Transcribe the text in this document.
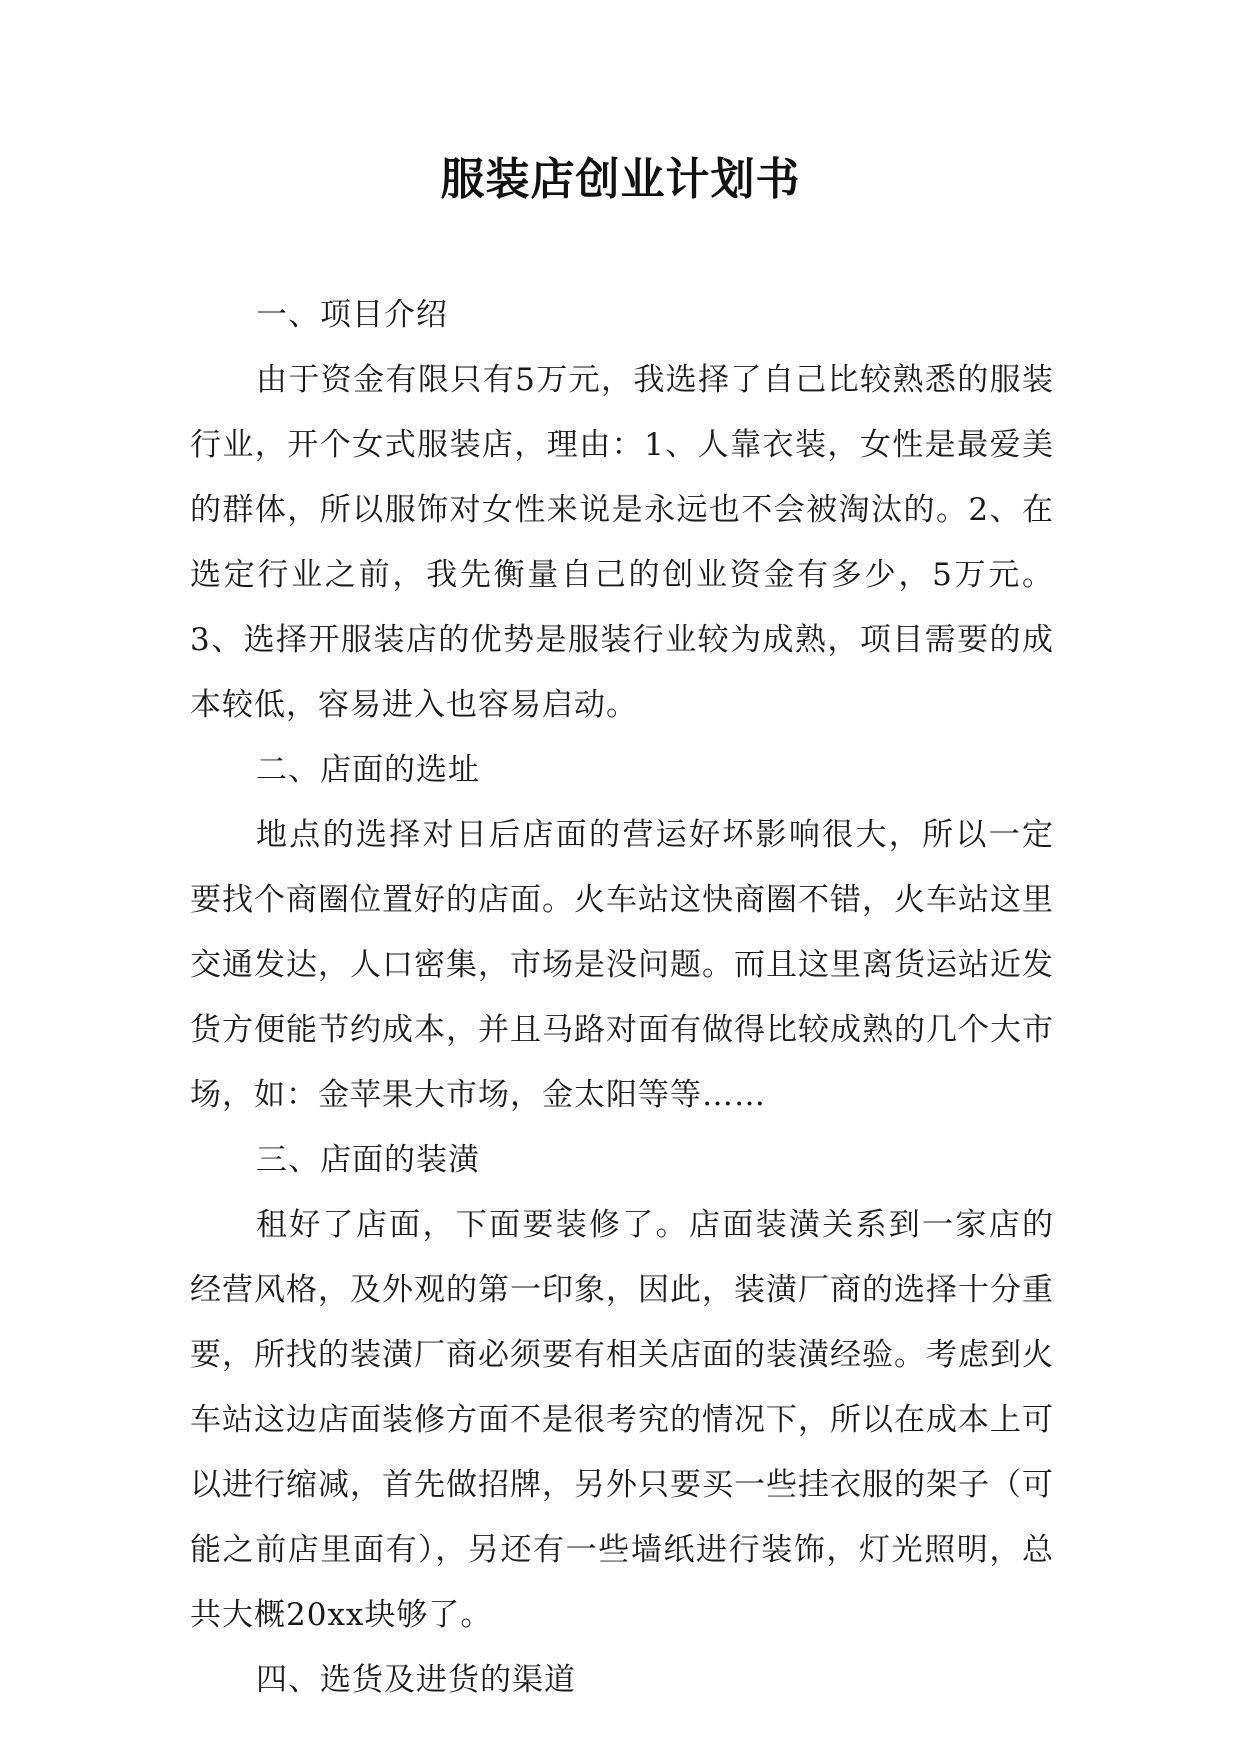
服装店创业计划书

一、项目介绍

由于资金有限只有5万元，我选择了自己比较熟悉的服装行业，开个女式服装店，理由：1、人靠衣装，女性是最爱美的群体，所以服饰对女性来说是永远也不会被淘汰的。2、在选定行业之前，我先衡量自己的创业资金有多少，5万元。3、选择开服装店的优势是服装行业较为成熟，项目需要的成本较低，容易进入也容易启动。

二、店面的选址

地点的选择对日后店面的营运好坏影响很大，所以一定要找个商圈位置好的店面。火车站这快商圈不错，火车站这里交通发达，人口密集，市场是没问题。而且这里离货运站近发货方便能节约成本，并且马路对面有做得比较成熟的几个大市场，如：金苹果大市场，金太阳等等……

三、店面的装潢

租好了店面，下面要装修了。店面装潢关系到一家店的经营风格，及外观的第一印象，因此，装潢厂商的选择十分重要，所找的装潢厂商必须要有相关店面的装潢经验。考虑到火车站这边店面装修方面不是很考究的情况下，所以在成本上可以进行缩减，首先做招牌，另外只要买一些挂衣服的架子（可能之前店里面有），另还有一些墙纸进行装饰，灯光照明，总共大概20xx块够了。

四、选货及进货的渠道
